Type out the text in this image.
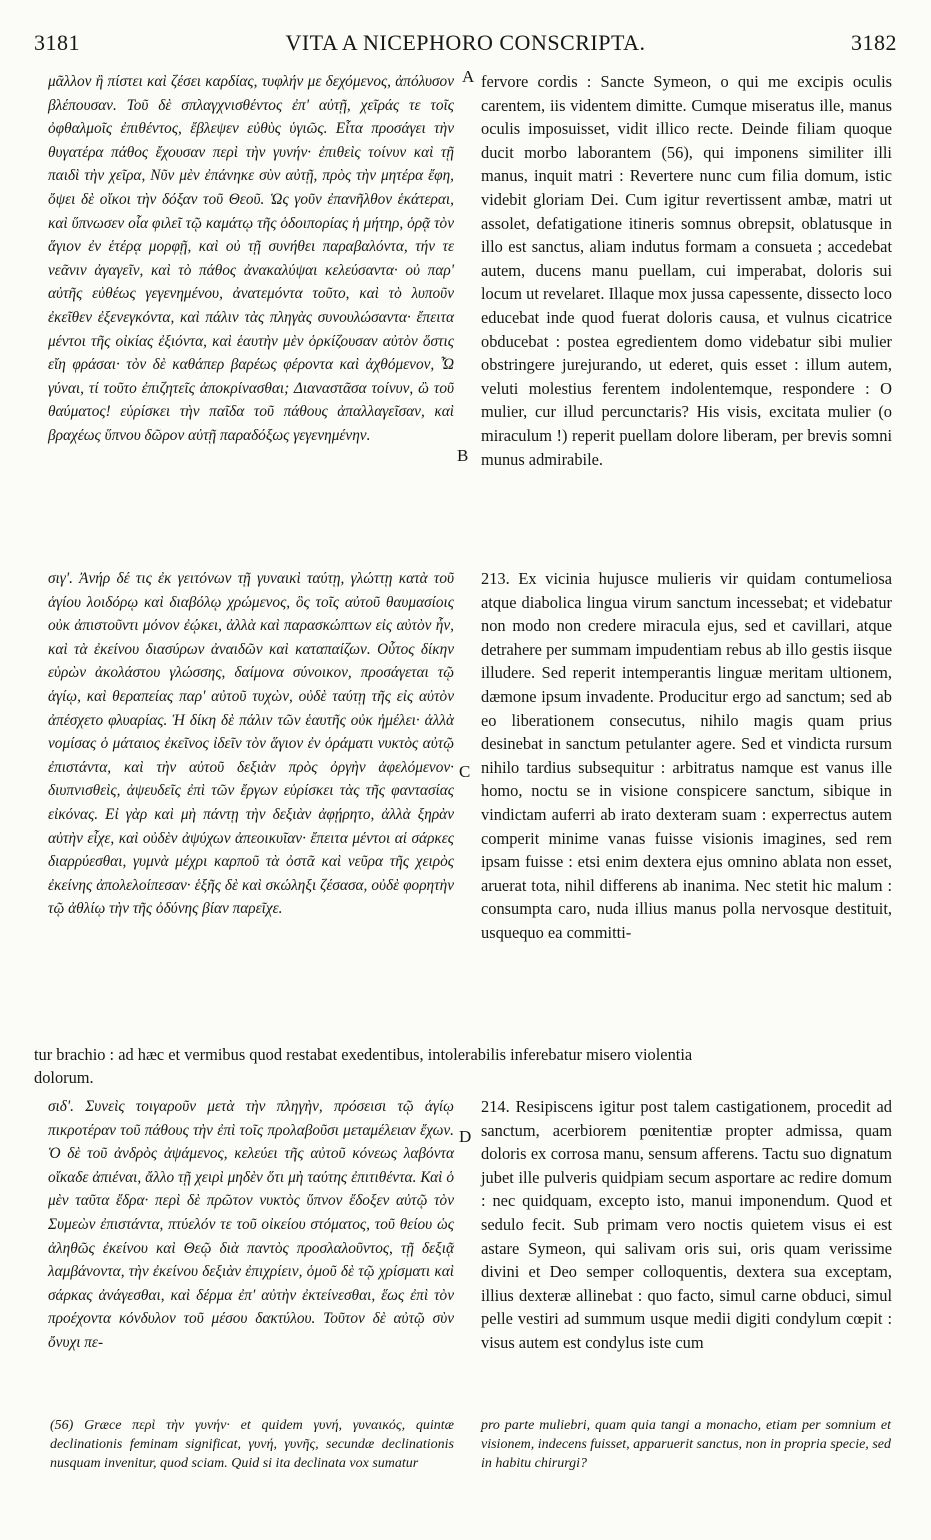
3181	VITA A NICEPHORO CONSCRIPTA.	3182
A
B
C
D

μᾶλλον ἢ πίστει καὶ ζέσει καρδίας, τυφλήν με δεχόμενος, ἀπόλυσον βλέπουσαν. Τοῦ δὲ σπλαγχνισθέντος ἐπ' αὐτῇ, χεῖράς τε τοῖς ὀφθαλμοῖς ἐπιθέντος, ἔβλεψεν εὐθὺς ὑγιῶς. Εἶτα προσάγει τὴν θυγατέρα πάθος ἔχουσαν περὶ τὴν γυνήν· ἐπιθεὶς τοίνυν καὶ τῇ παιδὶ τὴν χεῖρα, Νῦν μὲν ἐπάνηκε σὺν αὐτῇ, πρὸς τὴν μητέρα ἔφη, ὄψει δὲ οἴκοι τὴν δόξαν τοῦ Θεοῦ. Ὡς γοῦν ἐπανῆλθον ἑκάτεραι, καὶ ὕπνωσεν οἷα φιλεῖ τῷ καμάτῳ τῆς ὁδοιπορίας ἡ μήτηρ, ὁρᾷ τὸν ἅγιον ἐν ἑτέρᾳ μορφῇ, καὶ οὐ τῇ συνήθει παραβαλόντα, τήν τε νεᾶνιν ἀγαγεῖν, καὶ τὸ πάθος ἀνακαλύψαι κελεύσαντα· οὐ παρ' αὐτῆς εὐθέως γεγενημένου, ἀνατεμόντα τοῦτο, καὶ τὸ λυποῦν ἐκεῖθεν ἐξενεγκόντα, καὶ πάλιν τὰς πληγὰς συνουλώσαντα· ἔπειτα μέντοι τῆς οἰκίας ἐξιόντα, καὶ ἑαυτὴν μὲν ὁρκίζουσαν αὐτὸν ὅστις εἴη φράσαι· τὸν δὲ καθάπερ βαρέως φέροντα καὶ ἀχθόμενον, Ὦ γύναι, τί τοῦτο ἐπιζητεῖς ἀποκρίνασθαι; Διαναστᾶσα τοίνυν, ὢ τοῦ θαύματος! εὑρίσκει τὴν παῖδα τοῦ πάθους ἀπαλλαγεῖσαν, καὶ βραχέως ὕπνου δῶρον αὐτῇ παραδόξως γεγενημένην.

σιγ'. Ἀνήρ δέ τις ἐκ γειτόνων τῇ γυναικὶ ταύτῃ, γλώττῃ κατὰ τοῦ ἁγίου λοιδόρῳ καὶ διαβόλῳ χρώμενος, ὃς τοῖς αὐτοῦ θαυμασίοις οὐκ ἀπιστοῦντι μόνον ἐῴκει, ἀλλὰ καὶ παρασκώπτων εἰς αὐτὸν ἦν, καὶ τὰ ἐκείνου διασύρων ἀναιδῶν καὶ καταπαίζων. Οὗτος δίκην εὑρὼν ἀκολάστου γλώσσης, δαίμονα σύνοικον, προσάγεται τῷ ἁγίῳ, καὶ θεραπείας παρ' αὐτοῦ τυχὼν, οὐδὲ ταύτῃ τῆς εἰς αὐτὸν ἀπέσχετο φλυαρίας. Ἡ δίκη δὲ πάλιν τῶν ἑαυτῆς οὐκ ἠμέλει· ἀλλὰ νομίσας ὁ μάταιος ἐκεῖνος ἰδεῖν τὸν ἅγιον ἐν ὁράματι νυκτὸς αὐτῷ ἐπιστάντα, καὶ τὴν αὐτοῦ δεξιὰν πρὸς ὀργὴν ἀφελόμενον· διυπνισθεὶς, ἀψευδεῖς ἐπὶ τῶν ἔργων εὑρίσκει τὰς τῆς φαντασίας εἰκόνας. Εἰ γὰρ καὶ μὴ πάντῃ τὴν δεξιὰν ἀφῄρητο, ἀλλὰ ξηρὰν αὐτὴν εἶχε, καὶ οὐδὲν ἀψύχων ἀπεοικυῖαν· ἔπειτα μέντοι αἱ σάρκες διαρρύεσθαι, γυμνὰ μέχρι καρποῦ τὰ ὀστᾶ καὶ νεῦρα τῆς χειρὸς ἐκείνης ἀπολελοίπεσαν· ἑξῆς δὲ καὶ σκώληξι ζέσασα, οὐδὲ φορητὴν τῷ ἀθλίῳ τὴν τῆς ὀδύνης βίαν παρεῖχε.

σιδ'. Συνεὶς τοιγαροῦν μετὰ τὴν πληγὴν, πρόσεισι τῷ ἁγίῳ πικροτέραν τοῦ πάθους τὴν ἐπὶ τοῖς προλαβοῦσι μεταμέλειαν ἔχων. Ὁ δὲ τοῦ ἀνδρὸς ἀψάμενος, κελεύει τῆς αὐτοῦ κόνεως λαβόντα οἴκαδε ἀπιέναι, ἄλλο τῇ χειρὶ μηδὲν ὅτι μὴ ταύτης ἐπιτιθέντα. Καὶ ὁ μὲν ταῦτα ἔδρα· περὶ δὲ πρῶτον νυκτὸς ὕπνον ἔδοξεν αὐτῷ τὸν Συμεὼν ἐπιστάντα, πτύελόν τε τοῦ οἰκείου στόματος, τοῦ θείου ὡς ἀληθῶς ἐκείνου καὶ Θεῷ διὰ παντὸς προσλαλοῦντος, τῇ δεξιᾷ λαμβάνοντα, τὴν ἐκείνου δεξιὰν ἐπιχρίειν, ὁμοῦ δὲ τῷ χρίσματι καὶ σάρκας ἀνάγεσθαι, καὶ δέρμα ἐπ' αὐτὴν ἐκτείνεσθαι, ἕως ἐπὶ τὸν προέχοντα κόνδυλον τοῦ μέσου δακτύλου. Τοῦτον δὲ αὐτῷ σὺν ὄνυχι πε-

fervore cordis : Sancte Symeon, o qui me excipis oculis carentem, iis videntem dimitte. Cumque miseratus ille, manus oculis imposuisset, vidit illico recte. Deinde filiam quoque ducit morbo laborantem (56), qui imponens similiter illi manus, inquit matri : Revertere nunc cum filia domum, istic videbit gloriam Dei. Cum igitur revertissent ambæ, matri ut assolet, defatigatione itineris somnus obrepsit, oblatusque in illo est sanctus, aliam indutus formam a consueta ; accedebat autem, ducens manu puellam, cui imperabat, doloris sui locum ut revelaret. Illaque mox jussa capessente, dissecto loco educebat inde quod fuerat doloris causa, et vulnus cicatrice obducebat : postea egredientem domo videbatur sibi mulier obstringere jurejurando, ut ederet, quis esset : illum autem, veluti molestius ferentem indolentemque, respondere : O mulier, cur illud percunctaris? His visis, excitata mulier (o miraculum !) reperit puellam dolore liberam, per brevis somni munus admirabile.

213. Ex vicinia hujusce mulieris vir quidam contumeliosa atque diabolica lingua virum sanctum incessebat; et videbatur non modo non credere miracula ejus, sed et cavillari, atque detrahere per summam impudentiam rebus ab illo gestis iisque illudere. Sed reperit intemperantis linguæ meritam ultionem, dæmone ipsum invadente. Producitur ergo ad sanctum; sed ab eo liberationem consecutus, nihilo magis quam prius desinebat in sanctum petulanter agere. Sed et vindicta rursum nihilo tardius subsequitur : arbitratus namque est vanus ille homo, noctu se in visione conspicere sanctum, sibique in vindictam auferri ab irato dexteram suam : experrectus autem comperit minime vanas fuisse visionis imagines, sed rem ipsam fuisse : etsi enim dextera ejus omnino ablata non esset, aruerat tota, nihil differens ab inanima. Nec stetit hic malum : consumpta caro, nuda illius manus polla nervosque destituit, usquequo ea committi-

214. Resipiscens igitur post talem castigationem, procedit ad sanctum, acerbiorem pœnitentiæ propter admissa, quam doloris ex corrosa manu, sensum afferens. Tactu suo dignatum jubet ille pulveris quidpiam secum asportare ac redire domum : nec quidquam, excepto isto, manui imponendum. Quod et sedulo fecit. Sub primam vero noctis quietem visus ei est astare Symeon, qui salivam oris sui, oris quam verissime divini et Deo semper colloquentis, dextera sua exceptam, illius dexteræ allinebat : quo facto, simul carne obduci, simul pelle vestiri ad summum usque medii digiti condylum cœpit : visus autem est condylus iste cum

tur brachio : ad hæc et vermibus quod restabat exedentibus, intolerabilis inferebatur misero violentia
dolorum.
(56) Græce περὶ τὴν γυνήν· et quidem γυνή, γυναικός, quintæ declinationis feminam significat, γυνή, γυνῆς, secundæ declinationis nusquam invenitur, quod sciam. Quid si ita declinata vox sumatur
pro parte muliebri, quam quia tangi a monacho, etiam per somnium et visionem, indecens fuisset, apparuerit sanctus, non in propria specie, sed in habitu chirurgi?
